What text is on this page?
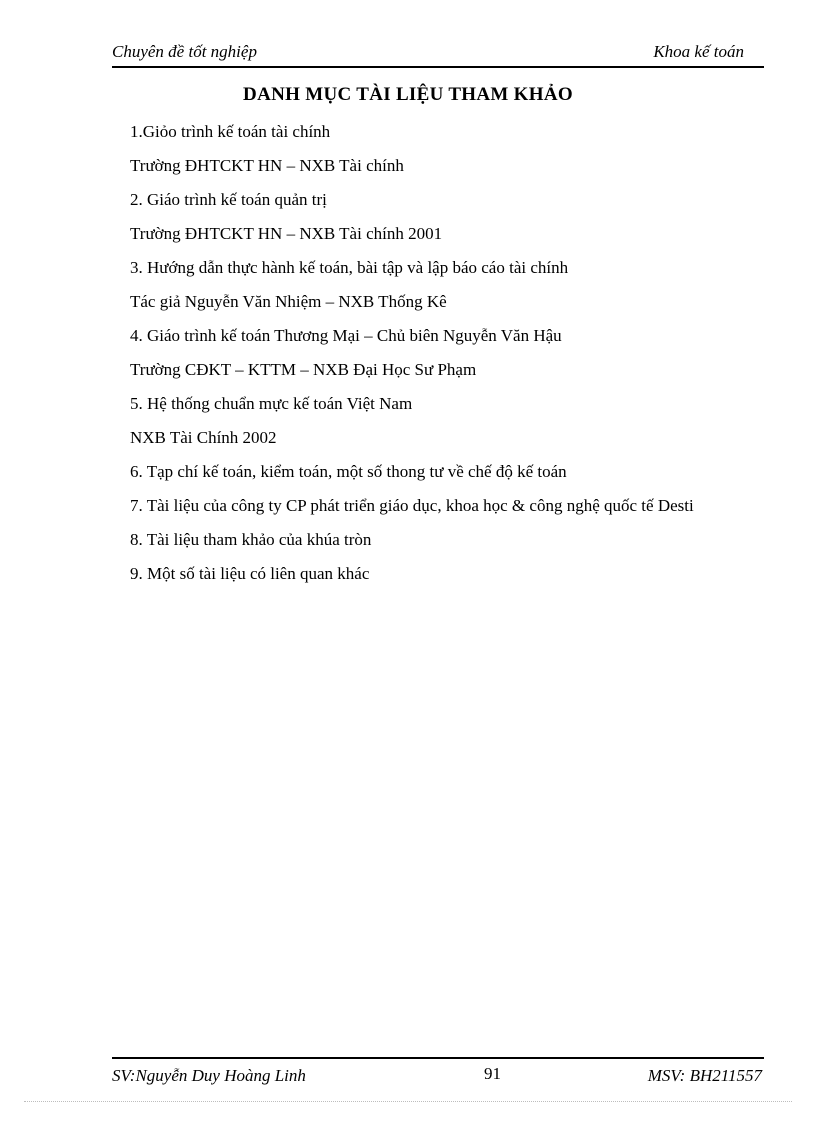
Chuyên đề tốt nghiệp	Khoa kế toán
DANH MỤC TÀI LIỆU THAM KHẢO
1.Giỏo trình kế toán tài chính
Trường ĐHTCKT HN – NXB Tài chính
2. Giáo trình kế toán quản trị
Trường ĐHTCKT HN – NXB Tài chính 2001
3. Hướng dẫn thực hành kế toán, bài tập và lập báo cáo tài chính
Tác giả Nguyễn Văn Nhiệm – NXB Thống Kê
4. Giáo trình kế toán Thương Mại – Chủ biên Nguyễn Văn Hậu
Trường CĐKT – KTTM – NXB Đại Học Sư Phạm
5. Hệ thống chuẩn mực kế toán Việt Nam
NXB Tài Chính 2002
6. Tạp chí kế toán, kiểm toán, một số thong tư về chế độ kế toán
7. Tài liệu của công ty CP phát triển giáo dục, khoa học & công nghệ quốc tế Desti
8. Tài liệu tham khảo của khúa tròn
9. Một số tài liệu có liên quan khác
SV:Nguyễn Duy Hoàng Linh	91	MSV: BH211557
